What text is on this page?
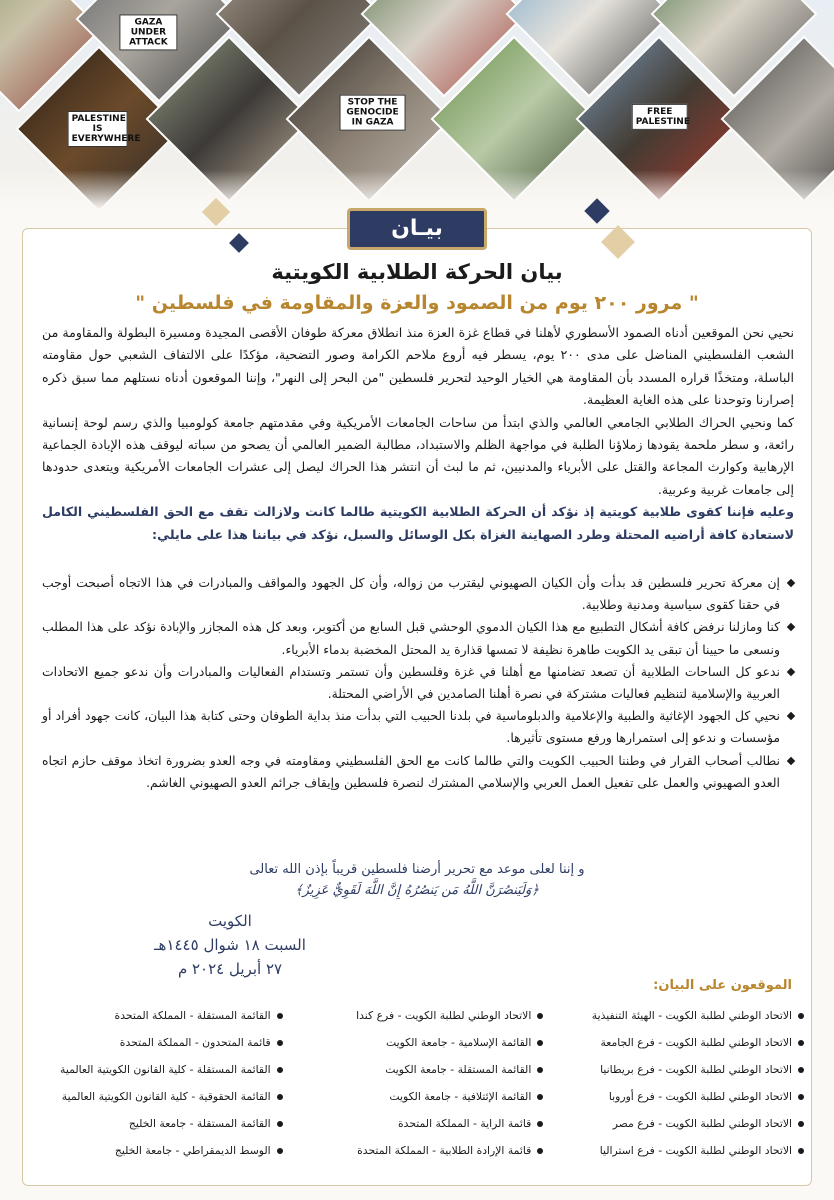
PALESTINE IS EVERYWHERE
GAZA UNDER ATTACK
STOP THE GENOCIDE IN GAZA
FREE PALESTINE
بيـان
بيان الحركة الطلابية الكويتية
" مرور ٢٠٠ يوم من الصمود والعزة والمقاومة في فلسطين "

نحيي نحن الموقعين أدناه الصمود الأسطوري لأهلنا في قطاع غزة العزة منذ انطلاق معركة طوفان الأقصى المجيدة ومسيرة البطولة والمقاومة من الشعب الفلسطيني المناضل على مدى ٢٠٠ يوم، يسطر فيه أروع ملاحم الكرامة وصور التضحية، مؤكدًا على الالتفاف الشعبي حول مقاومته الباسلة، ومتخذًا قراره المسدد بأن المقاومة هي الخيار الوحيد لتحرير فلسطين "من البحر إلى النهر"، وإننا الموقعون أدناه نستلهم مما سبق ذكره إصرارنا وتوحدنا على هذه الغاية العظيمة.

كما ونحيي الحراك الطلابي الجامعي العالمي والذي ابتدأ من ساحات الجامعات الأمريكية وفي مقدمتهم جامعة كولومبيا والذي رسم لوحة إنسانية رائعة، و سطر ملحمة يقودها زملاؤنا الطلبة في مواجهة الظلم والاستبداد، مطالبة الضمير العالمي أن يصحو من سباته ليوقف هذه الإبادة الجماعية الإرهابية وكوارث المجاعة والقتل على الأبرياء والمدنيين، ثم ما لبث أن انتشر هذا الحراك ليصل إلى عشرات الجامعات الأمريكية ويتعدى حدودها إلى جامعات غربية وعربية.

وعليه فإننا كقوى طلابية كويتية إذ نؤكد أن الحركة الطلابية الكويتية طالما كانت ولازالت تقف مع الحق الفلسطيني الكامل لاستعادة كافة أراضيه المحتلة وطرد الصهاينة الغزاة بكل الوسائل والسبل، نؤكد في بياننا هذا على مايلي:

إن معركة تحرير فلسطين قد بدأت وأن الكيان الصهيوني ليقترب من زواله، وأن كل الجهود والمواقف والمبادرات في هذا الاتجاه أصبحت أوجب في حقنا كقوى سياسية ومدنية وطلابية.
كنا ومازلنا نرفض كافة أشكال التطبيع مع هذا الكيان الدموي الوحشي قبل السابع من أكتوبر، وبعد كل هذه المجازر والإبادة نؤكد على هذا المطلب ونسعى ما حيينا أن تبقى يد الكويت طاهرة نظيفة لا تمسها قذارة يد المحتل المخضبة بدماء الأبرياء.
ندعو كل الساحات الطلابية أن تصعد تضامنها مع أهلنا في غزة وفلسطين وأن تستمر وتستدام الفعاليات والمبادرات وأن ندعو جميع الاتحادات العربية والإسلامية لتنظيم فعاليات مشتركة في نصرة أهلنا الصامدين في الأراضي المحتلة.
نحيي كل الجهود الإغاثية والطبية والإعلامية والدبلوماسية في بلدنا الحبيب التي بدأت منذ بداية الطوفان وحتى كتابة هذا البيان، كانت جهود أفراد أو مؤسسات و ندعو إلى استمرارها ورفع مستوى تأثيرها.
نطالب أصحاب القرار في وطننا الحبيب الكويت والتي طالما كانت مع الحق الفلسطيني ومقاومته في وجه العدو بضرورة اتخاذ موقف حازم اتجاه العدو الصهيوني والعمل على تفعيل العمل العربي والإسلامي المشترك لنصرة فلسطين وإيقاف جرائم العدو الصهيوني الغاشم.
و إننا لعلى موعد مع تحرير أرضنا فلسطين قريباً بإذن الله تعالى
﴿وَلَيَنصُرَنَّ اللَّهُ مَن يَنصُرُهُ إِنَّ اللَّهَ لَقَوِيٌّ عَزِيزٌ﴾
الكويت
السبت ١٨ شوال ١٤٤٥هـ
٢٧ أبريل ٢٠٢٤ م
الموقعون على البيان:
الاتحاد الوطني لطلبة الكويت - الهيئة التنفيذية
الاتحاد الوطني لطلبة الكويت - فرع كندا
القائمة المستقلة - المملكة المتحدة
الاتحاد الوطني لطلبة الكويت - فرع الجامعة
القائمة الإسلامية - جامعة الكويت
قائمة المتحدون - المملكة المتحدة
الاتحاد الوطني لطلبة الكويت - فرع بريطانيا
القائمة المستقلة - جامعة الكويت
القائمة المستقلة - كلية القانون الكويتية العالمية
الاتحاد الوطني لطلبة الكويت - فرع أوروبا
القائمة الإئتلافية - جامعة الكويت
القائمة الحقوقية - كلية القانون الكويتية العالمية
الاتحاد الوطني لطلبة الكويت - فرع مصر
قائمة الراية - المملكة المتحدة
القائمة المستقلة - جامعة الخليج
الاتحاد الوطني لطلبة الكويت - فرع استراليا
قائمة الإرادة الطلابية - المملكة المتحدة
الوسط الديمقراطي - جامعة الخليج
